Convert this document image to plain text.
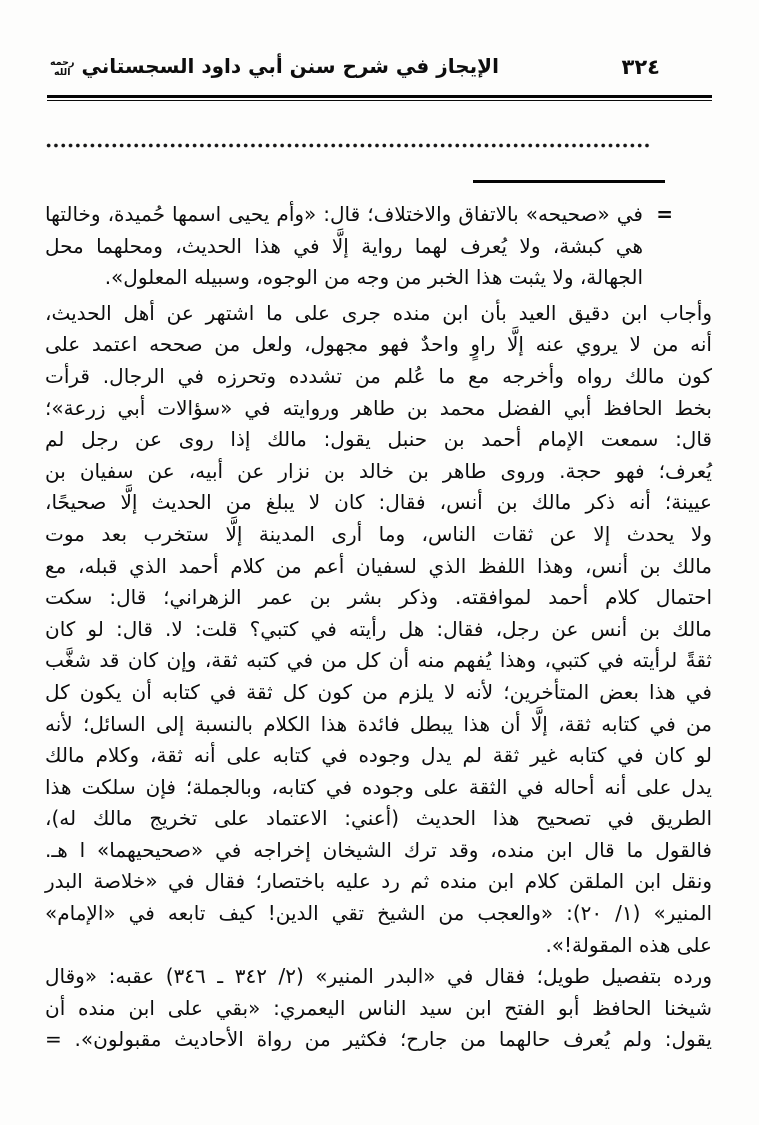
الإيجاز في شرح سنن أبي داود السجستاني
رحمه
الله	٣٢٤
=
في «صحيحه» بالاتفاق والاختلاف؛ قال: «وأم يحيى اسمها حُميدة، وخالتها
هي كبشة، ولا يُعرف لهما رواية إلَّا في هذا الحديث، ومحلهما محل
الجهالة، ولا يثبت هذا الخبر من وجه من الوجوه، وسبيله المعلول».
وأجاب ابن دقيق العيد بأن ابن منده جرى على ما اشتهر عن أهل الحديث،
أنه من لا يروي عنه إلَّا راوٍ واحدٌ فهو مجهول، ولعل من صححه اعتمد على
كون مالك رواه وأخرجه مع ما عُلم من تشدده وتحرزه في الرجال. قرأت
بخط الحافظ أبي الفضل محمد بن طاهر وروايته في «سؤالات أبي زرعة»؛
قال: سمعت الإمام أحمد بن حنبل يقول: مالك إذا روى عن رجل لم
يُعرف؛ فهو حجة. وروى طاهر بن خالد بن نزار عن أبيه، عن سفيان بن
عيينة؛ أنه ذكر مالك بن أنس، فقال: كان لا يبلغ من الحديث إلَّا صحيحًا،
ولا يحدث إلا عن ثقات الناس، وما أرى المدينة إلَّا ستخرب بعد موت
مالك بن أنس، وهذا اللفظ الذي لسفيان أعم من كلام أحمد الذي قبله، مع
احتمال كلام أحمد لموافقته. وذكر بشر بن عمر الزهراني؛ قال: سكت
مالك بن أنس عن رجل، فقال: هل رأيته في كتبي؟ قلت: لا. قال: لو كان
ثقةً لرأيته في كتبي، وهذا يُفهم منه أن كل من في كتبه ثقة، وإن كان قد شغَّب
في هذا بعض المتأخرين؛ لأنه لا يلزم من كون كل ثقة في كتابه أن يكون كل
من في كتابه ثقة، إلَّا أن هذا يبطل فائدة هذا الكلام بالنسبة إلى السائل؛ لأنه
لو كان في كتابه غير ثقة لم يدل وجوده في كتابه على أنه ثقة، وكلام مالك
يدل على أنه أحاله في الثقة على وجوده في كتابه، وبالجملة؛ فإن سلكت هذا
الطريق في تصحيح هذا الحديث (أعني: الاعتماد على تخريج مالك له)،
فالقول ما قال ابن منده، وقد ترك الشيخان إخراجه في «صحيحيهما» ا هـ.
ونقل ابن الملقن كلام ابن منده ثم رد عليه باختصار؛ فقال في «خلاصة البدر
المنير» (١/ ٢٠): «والعجب من الشيخ تقي الدين! كيف تابعه في «الإمام»
على هذه المقولة!».
ورده بتفصيل طويل؛ فقال في «البدر المنير» (٢/ ٣٤٢ ـ ٣٤٦) عقبه: «وقال
شيخنا الحافظ أبو الفتح ابن سيد الناس اليعمري: «بقي على ابن منده أن
يقول: ولم يُعرف حالهما من جارح؛ فكثير من رواة الأحاديث مقبولون». =
